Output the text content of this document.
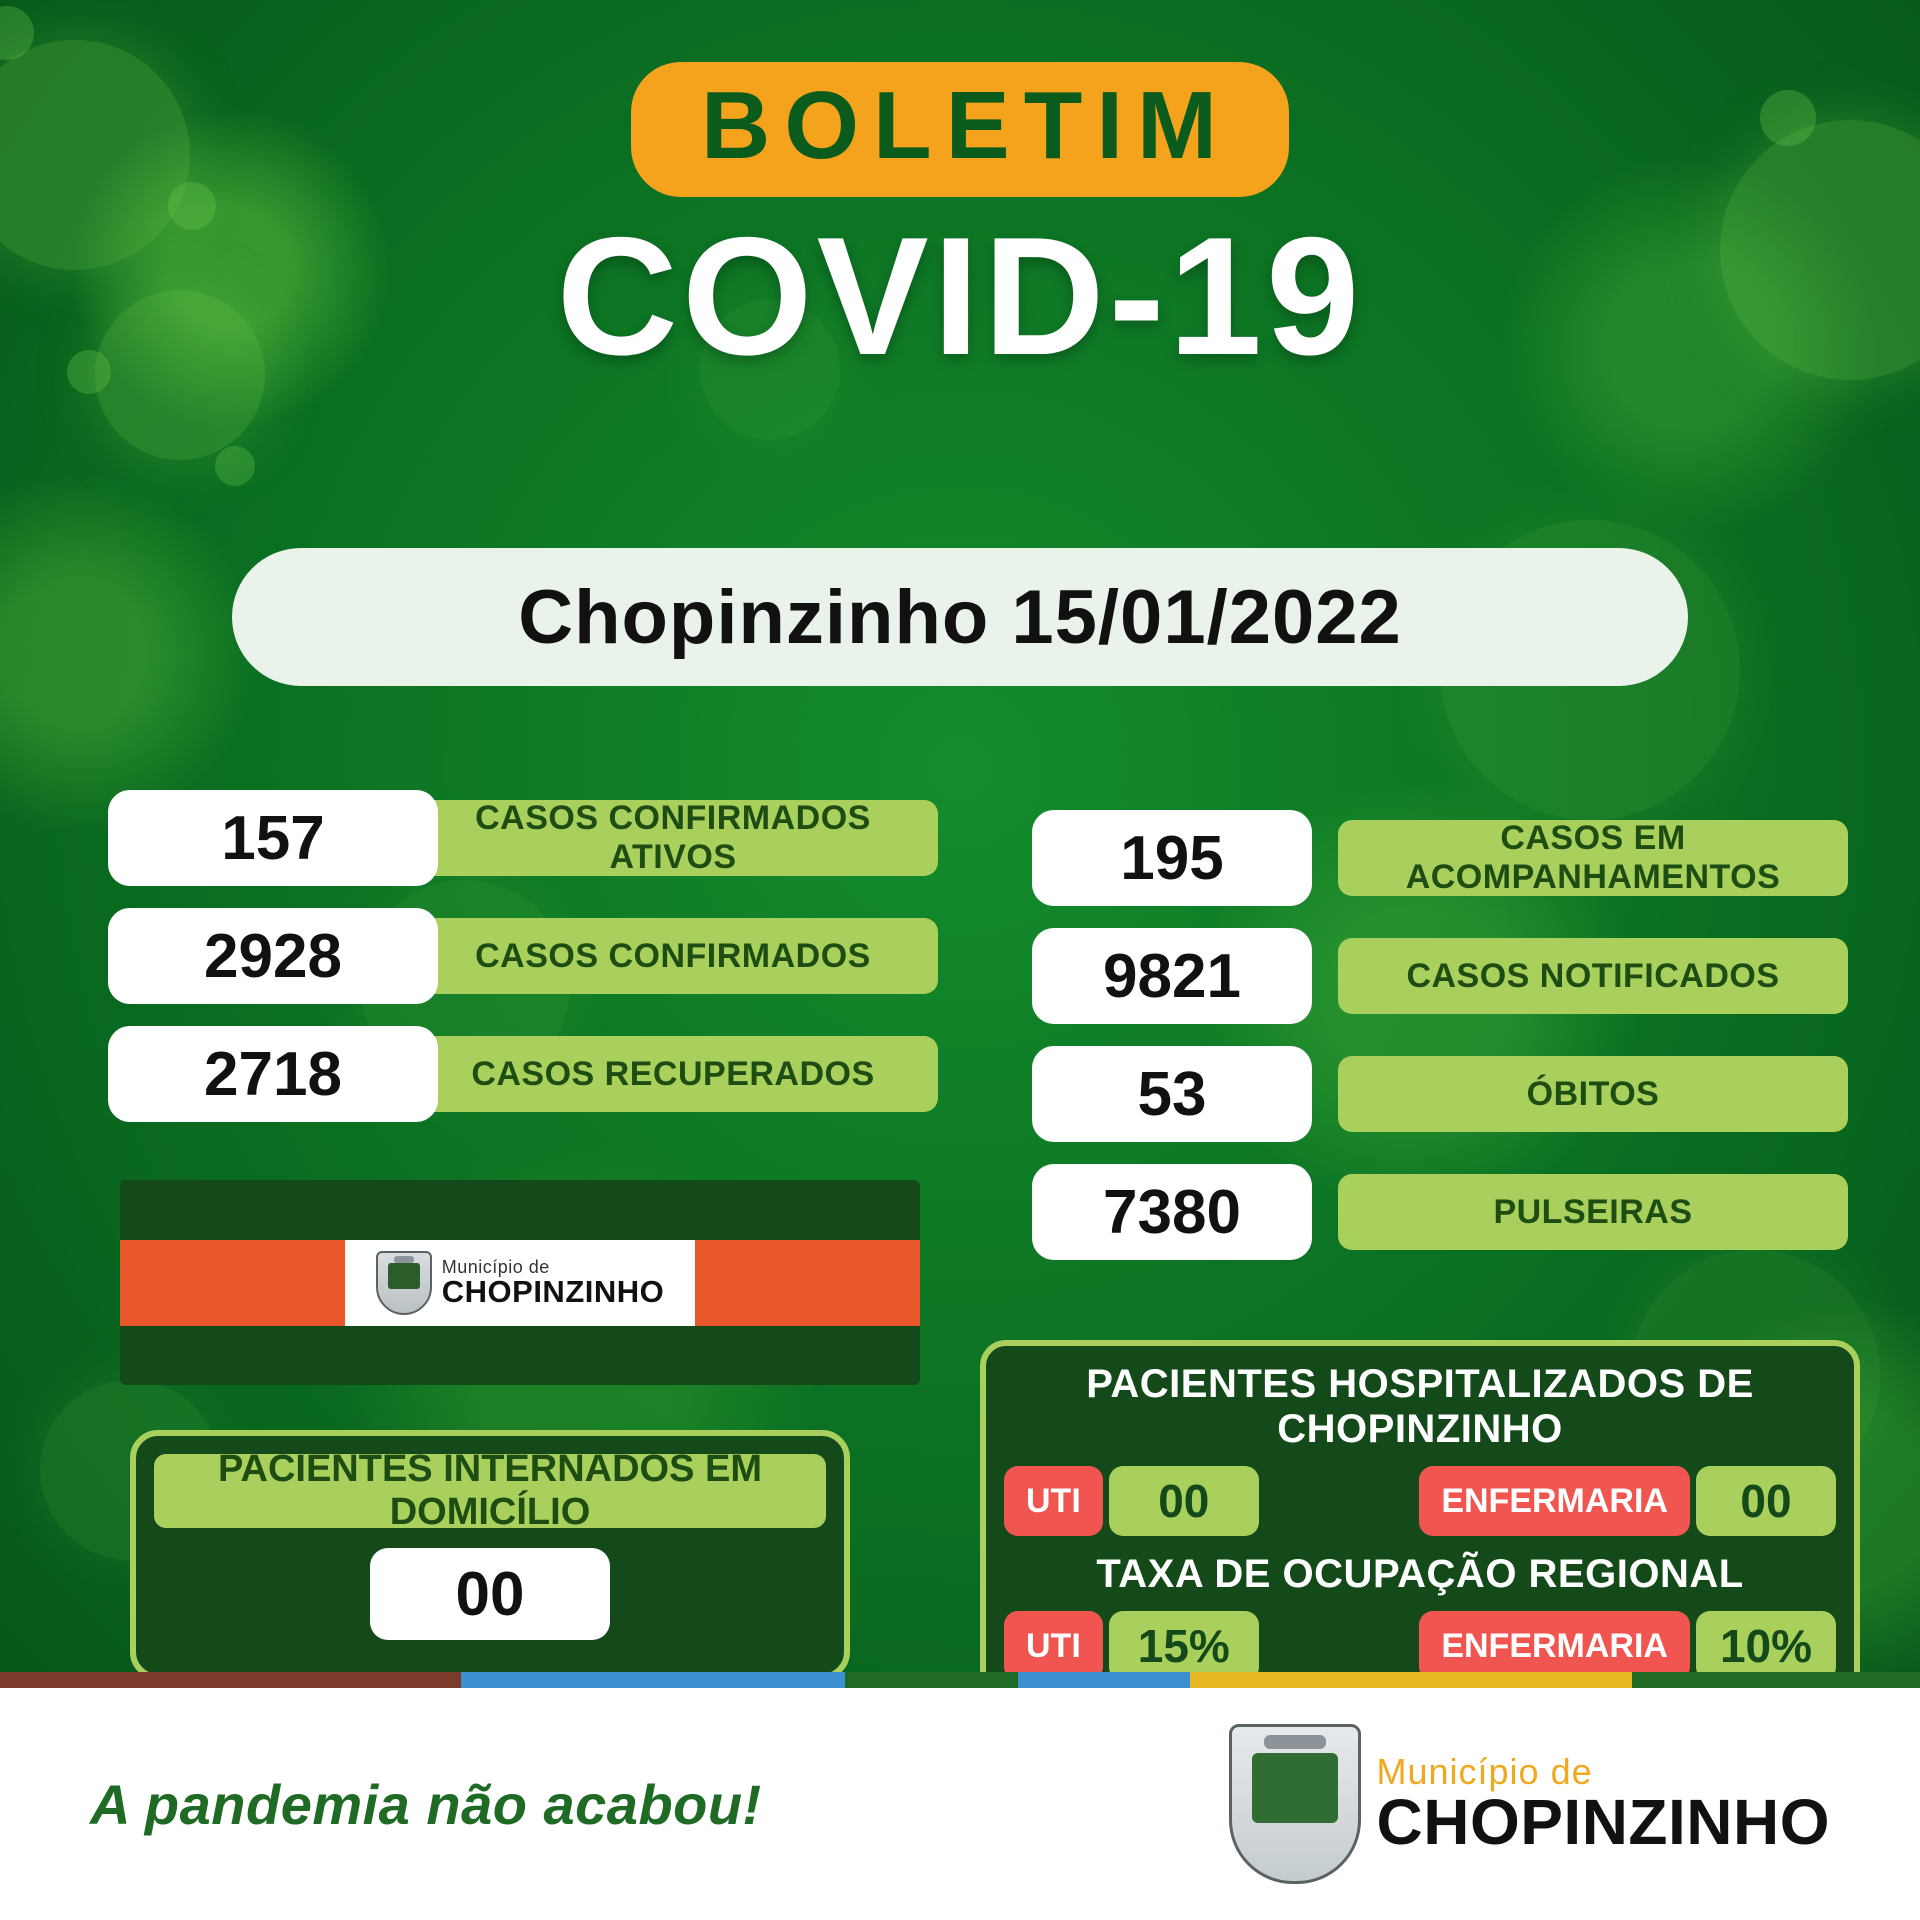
BOLETIM
COVID-19
Chopinzinho 15/01/2022
CASOS CONFIRMADOS ATIVOS
157
CASOS CONFIRMADOS
2928
CASOS RECUPERADOS
2718
CASOS EM ACOMPANHAMENTOS
195
CASOS NOTIFICADOS
9821
ÓBITOS
53
PULSEIRAS
7380
Município de
CHOPINZINHO
PACIENTES INTERNADOS EM DOMICÍLIO
00
PACIENTES HOSPITALIZADOS DE CHOPINZINHO
UTI	00	ENFERMARIA	00
TAXA DE OCUPAÇÃO REGIONAL
UTI	15%	ENFERMARIA	10%
A pandemia não acabou!
Município de
CHOPINZINHO
